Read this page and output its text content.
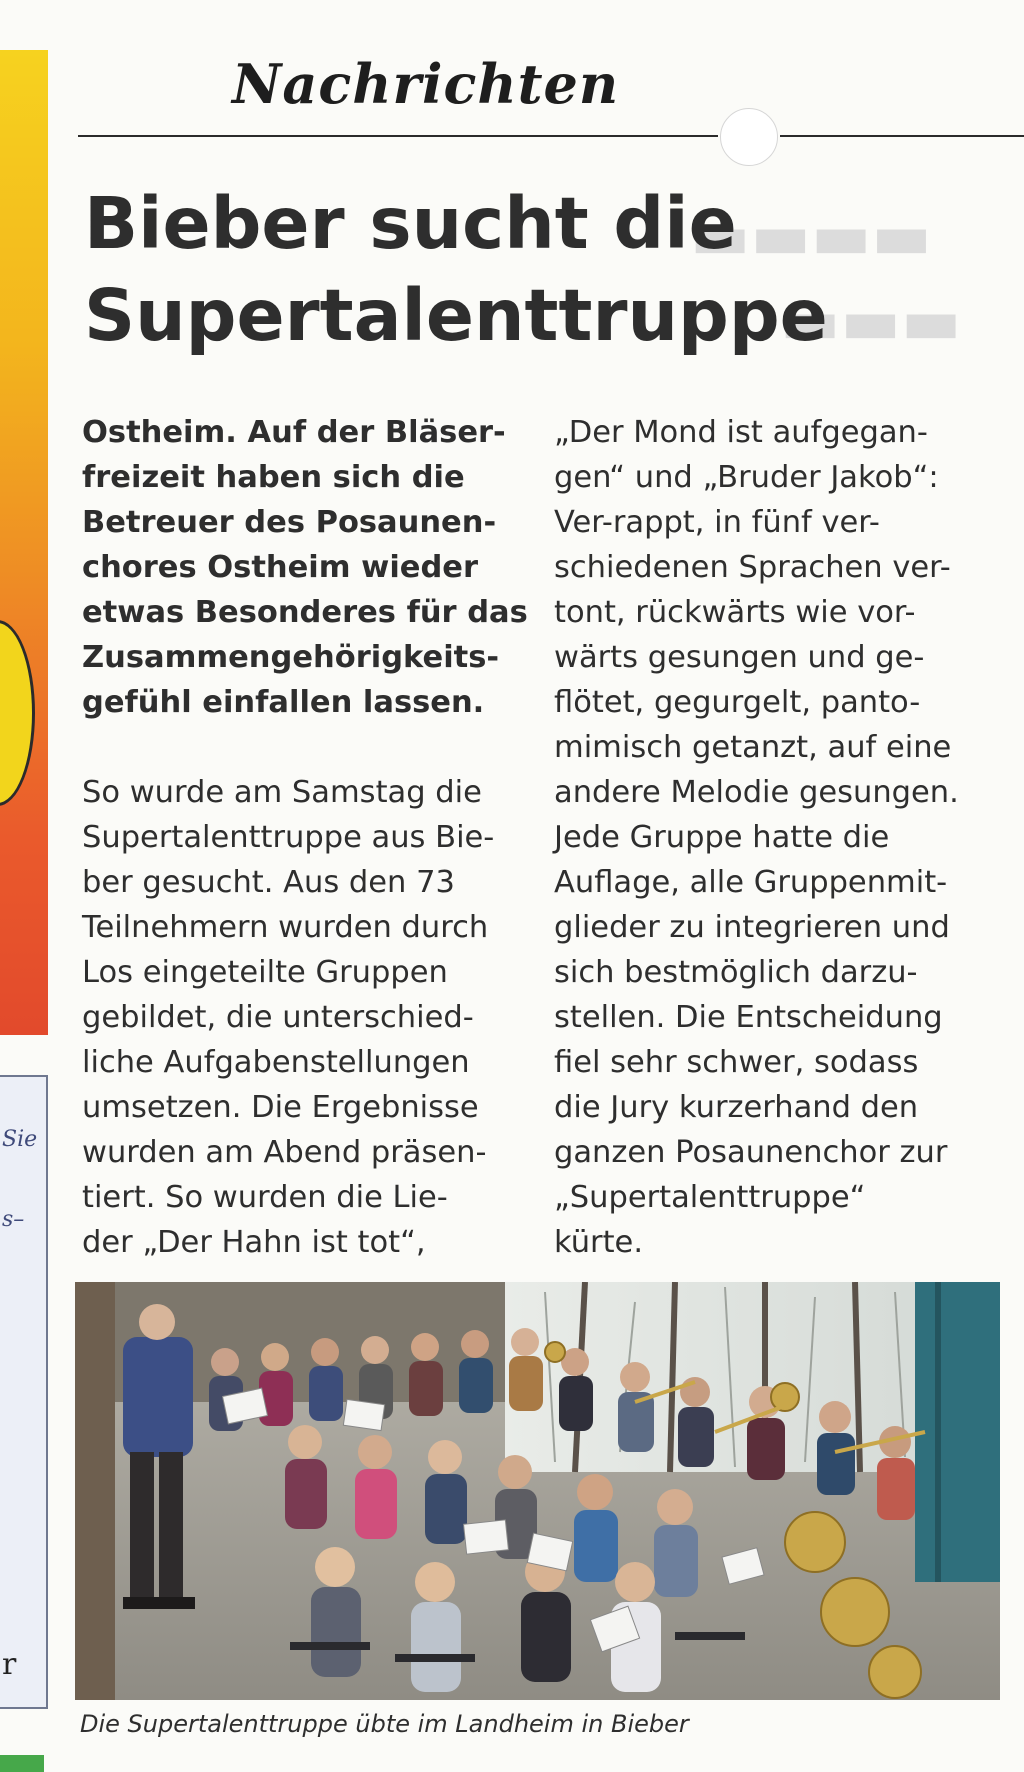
Sie
s–
r
▬▬▬▬
▬▬▬
Nachrichten
Bieber sucht die Supertalenttruppe

Ostheim. Auf der Bläser-

freizeit haben sich die

Betreuer des Posaunen-

chores Ostheim wieder

etwas Besonderes für das

Zusammengehörigkeits-

gefühl einfallen lassen.

So wurde am Samstag die

Supertalenttruppe aus Bie-

ber gesucht. Aus den 73

Teilnehmern wurden durch

Los eingeteilte Gruppen

gebildet, die unterschied-

liche Aufgabenstellungen

umsetzen. Die Ergebnisse

wurden am Abend präsen-

tiert. So wurden die Lie-

der „Der Hahn ist tot“,

„Der Mond ist aufgegan-

gen“ und „Bruder Jakob“:

Ver-rappt, in fünf ver-

schiedenen Sprachen ver-

tont, rückwärts wie vor-

wärts gesungen und ge-

flötet, gegurgelt, panto-

mimisch getanzt, auf eine

andere Melodie gesungen.

Jede Gruppe hatte die

Auflage, alle Gruppenmit-

glieder zu integrieren und

sich bestmöglich darzu-

stellen. Die Entscheidung

fiel sehr schwer, sodass

die Jury kurzerhand den

ganzen Posaunenchor zur

„Supertalenttruppe“

kürte.

Die Supertalenttruppe übte im Landheim in Bieber
